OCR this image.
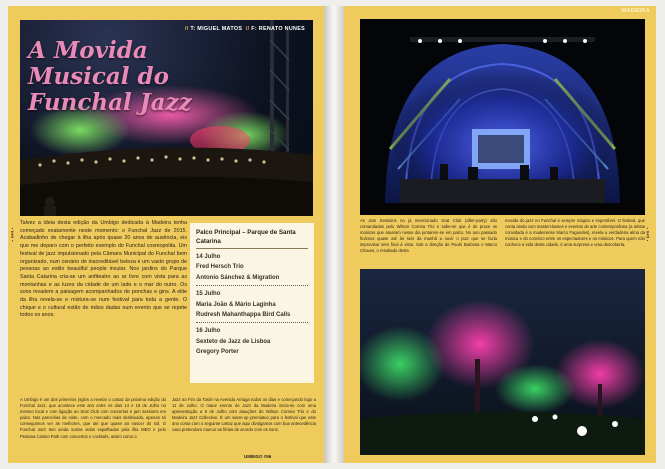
// T: MIGUEL MATOS // F: RENATO NUNES
A Movida Musical do Funchal Jazz
• 044 •

Talvez a ideia desta edição da Umbigo dedicada à Madeira tenha começado exatamente neste momento: o Funchal Jazz de 2015. Acabadinho de chegar à ilha após quase 20 anos de ausência, eis que me deparo com o perfeito exemplo do Funchal cosmopolita. Um festival de jazz impulsionado pela Câmara Municipal do Funchal bem organizado, num cenário de inacreditável beleza e um vasto grupo de pessoas ao estilo beautiful people insular. Nos jardins do Parque Santa Catarina cria-se um anfiteatro ao ar livre com vista para as montanhas e as luzes da cidade de um lado e o mar do outro. Os sons invadem a paisagem acompanhados de ponchas e gins. A elite da ilha revela-se e mistura-se num festival para toda a gente. O chique e o cultural estão de mãos dadas num evento que se repete todos os anos.

Palco Principal – Parque de Santa Catarina
14 Julho
Fred Hersch Trio
Antonio Sánchez & Migration
15 Julho
Maria João & Mário Laginha
Rudresh Mahanthappa Bird Calls
16 Julho
Sexteto de Jazz de Lisboa
Gregory Porter

A Umbigo é um dos primeiros (sglos a revelar o cartaz da próxima edição do Funchal Jazz, que acontece este ano entre os dias 14 e 16 de Julho no mesmo local e com ligação ao Scat Club com concertos e jam sessions em palco. Nas parceirias de noite, com o mercado mais desleixado, apenas só conseguimos ver as melhores, que até que quase ao nascer do sol. O Funchal Jazz tem ainda outras vidas espalhadas pela ilha MEO e pelo Pestana Casino Park com concertos e cocktails, assim como o

Jazz ao Fim da Tarde na Avenida Arriaga todos os dias e começando logo a 11 de Julho. O maior evento de Jazz da Madeira inicia-se com uma apresentação a 9 de Julho com atuações do Wilson Correia Trio e do Madeira Jazz Collective. É um warm-up premiatuo para o festival que este ano conta com o seguinte cartaz que aqui divulgamos com boa antecedência caso pretendam marcar as férias de acordo com os sons.

UMBIGO #56
MADEIRA

As Jam Sessions no já mencionado Scat Club (after-party) são comandadas pelo Wilson Correia Trio e sabe-se que é de praxe os músicos que atuaram nesse dia juntarem-se em palco. No ano passado ficámos quase até às seis da manhã a ouvir o jazz que se fazia improvisar sem final à vista. Sob a direção de Paulo Barbosa e Marco Chaves, o resultado desta

movida do jazz no Funchal é sempre mágico e imperdível. O festival, que conta ainda com masterclasses e eventos de arte contemporânea (a artista convidada é a madeirense Marco Fagundes), revela a verdadeira alma da música e do convívio entre os espectadores e os músicos. Para quem não conhece a vida desta cidade, é uma surpresa e uma descoberta.

• 045 •
